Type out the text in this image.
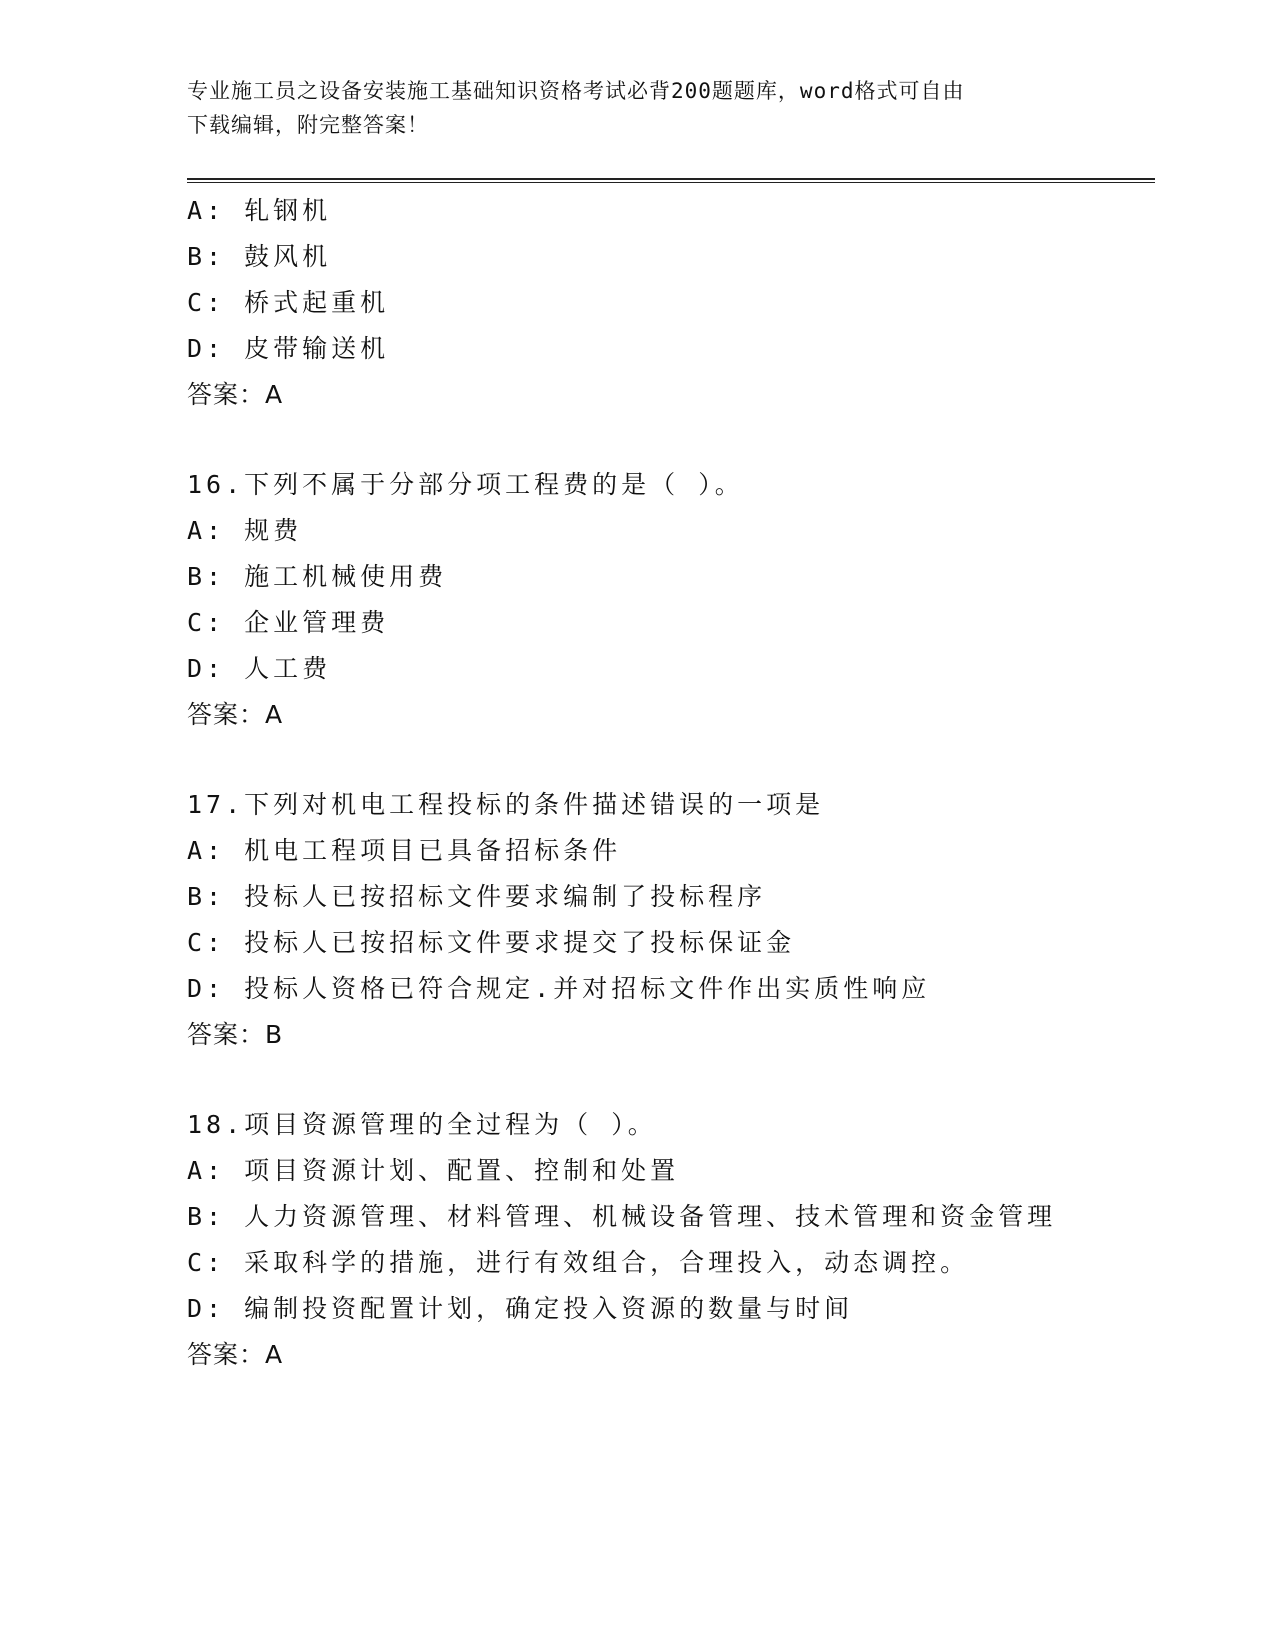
专业施工员之设备安装施工基础知识资格考试必背200题题库，word格式可自由
下载编辑，附完整答案！
A: 轧钢机
B: 鼓风机
C: 桥式起重机
D: 皮带输送机
答案：A
16.下列不属于分部分项工程费的是（ ）。
A: 规费
B: 施工机械使用费
C: 企业管理费
D: 人工费
答案：A
17.下列对机电工程投标的条件描述错误的一项是
A: 机电工程项目已具备招标条件
B: 投标人已按招标文件要求编制了投标程序
C: 投标人已按招标文件要求提交了投标保证金
D: 投标人资格已符合规定.并对招标文件作出实质性响应
答案：B
18.项目资源管理的全过程为（ ）。
A: 项目资源计划、配置、控制和处置
B: 人力资源管理、材料管理、机械设备管理、技术管理和资金管理
C: 采取科学的措施，进行有效组合，合理投入，动态调控。
D: 编制投资配置计划，确定投入资源的数量与时间
答案：A
